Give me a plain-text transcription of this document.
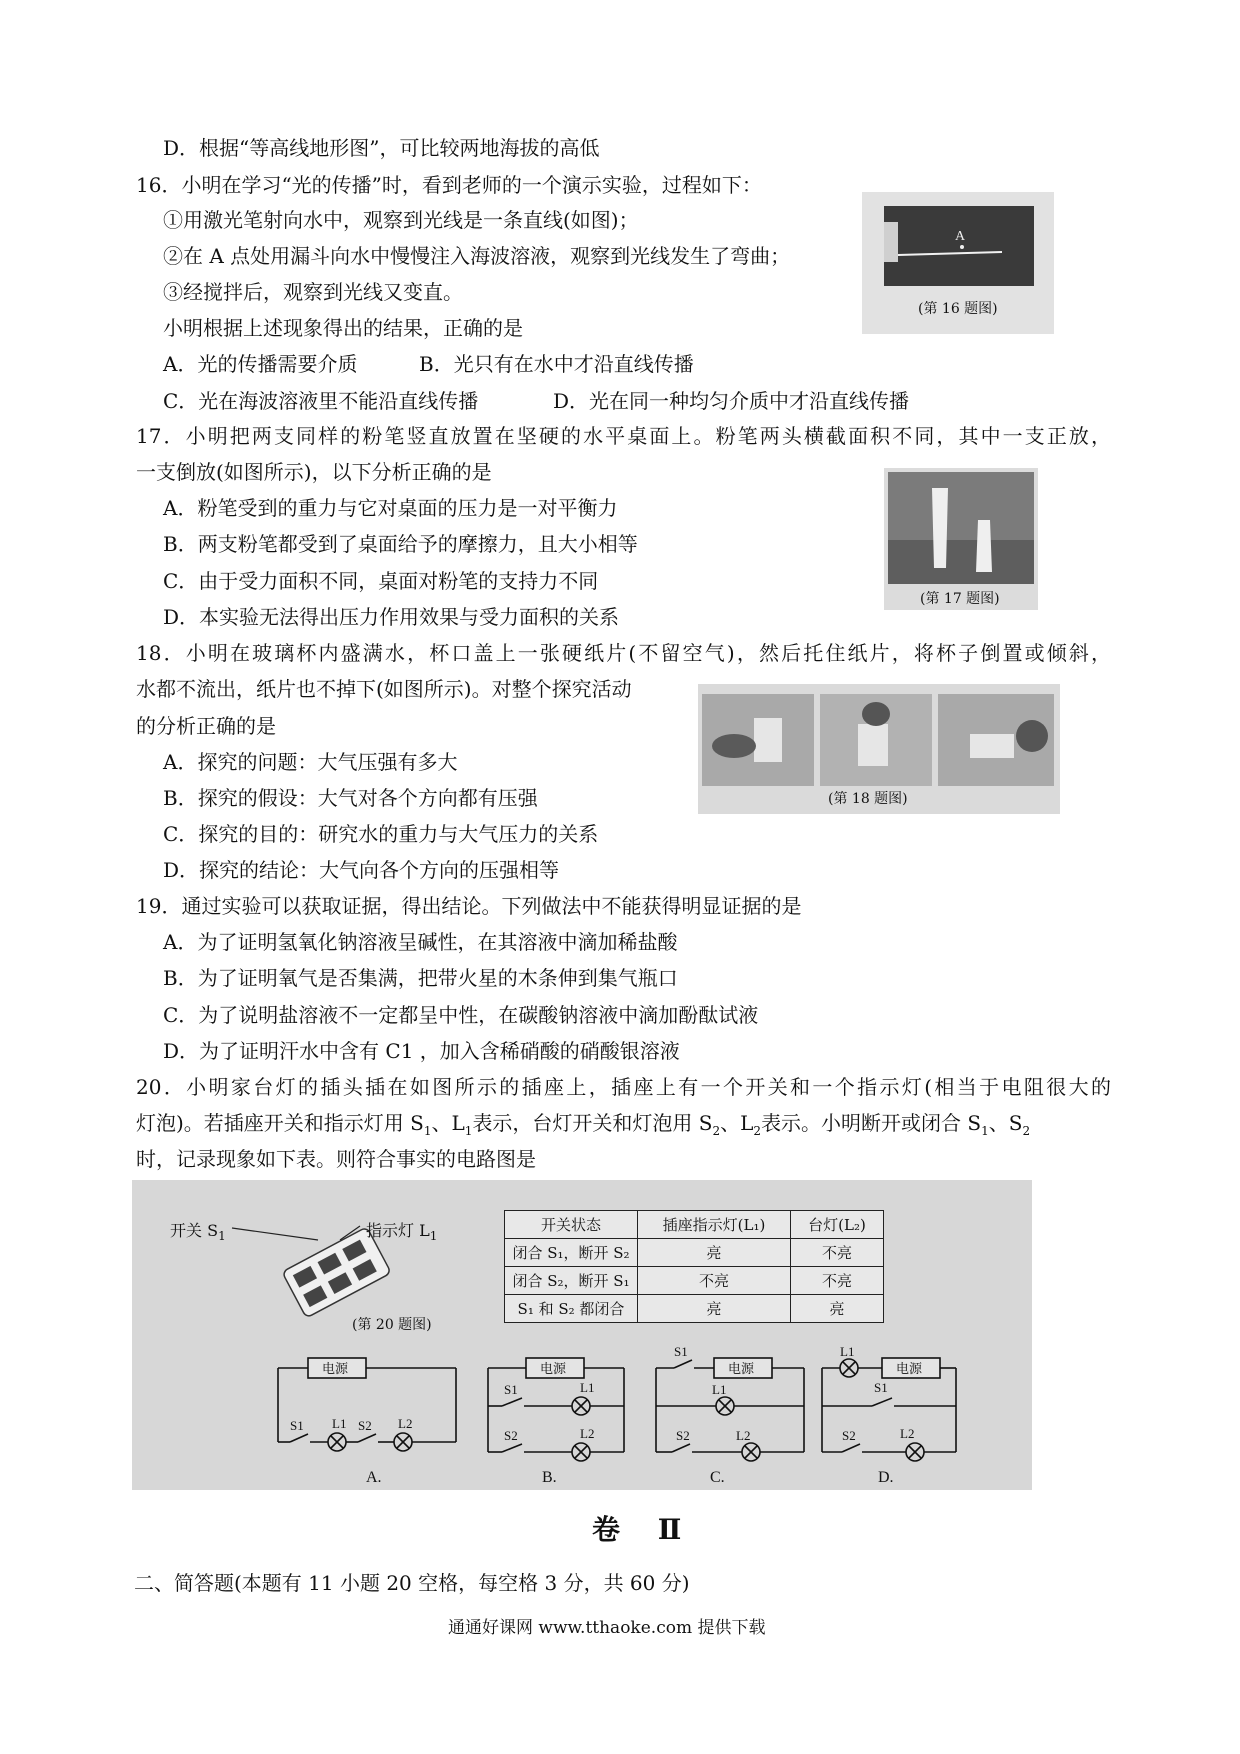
D．根据“等高线地形图”，可比较两地海拔的高低
16．小明在学习“光的传播”时，看到老师的一个演示实验，过程如下：
①用激光笔射向水中，观察到光线是一条直线(如图)；
②在 A 点处用漏斗向水中慢慢注入海波溶液，观察到光线发生了弯曲；
③经搅拌后，观察到光线又变直。
小明根据上述现象得出的结果，正确的是
A．光的传播需要介质	B．光只有在水中才沿直线传播
C．光在海波溶液里不能沿直线传播	D．光在同一种均匀介质中才沿直线传播
A
(第 16 题图)
17．小明把两支同样的粉笔竖直放置在坚硬的水平桌面上。粉笔两头横截面积不同，其中一支正放，
一支倒放(如图所示)，以下分析正确的是
A．粉笔受到的重力与它对桌面的压力是一对平衡力
B．两支粉笔都受到了桌面给予的摩擦力，且大小相等
C．由于受力面积不同，桌面对粉笔的支持力不同
D．本实验无法得出压力作用效果与受力面积的关系
(第 17 题图)
18．小明在玻璃杯内盛满水，杯口盖上一张硬纸片(不留空气)，然后托住纸片，将杯子倒置或倾斜，
水都不流出，纸片也不掉下(如图所示)。对整个探究活动
的分析正确的是
A．探究的问题：大气压强有多大
B．探究的假设：大气对各个方向都有压强
C．探究的目的：研究水的重力与大气压力的关系
D．探究的结论：大气向各个方向的压强相等
(第 18 题图)
19．通过实验可以获取证据，得出结论。下列做法中不能获得明显证据的是
A．为了证明氢氧化钠溶液呈碱性，在其溶液中滴加稀盐酸
B．为了证明氧气是否集满，把带火星的木条伸到集气瓶口
C．为了说明盐溶液不一定都呈中性，在碳酸钠溶液中滴加酚酞试液
D．为了证明汗水中含有 C1 ，加入含稀硝酸的硝酸银溶液
20．小明家台灯的插头插在如图所示的插座上，插座上有一个开关和一个指示灯(相当于电阻很大的
灯泡)。若插座开关和指示灯用 $S_1$、$L_1$表示，台灯开关和灯泡用 $S_2$、$L_2$表示。小明断开或闭合 $S_1$、$S_2$
时，记录现象如下表。则符合事实的电路图是
开关 $S_1$	指示灯 $L_1$
(第 20 题图)
开关状态	插座指示灯(L₁)	台灯(L₂)
闭合 S₁，断开 S₂	亮	不亮
闭合 S₂，断开 S₁	不亮	不亮
S₁ 和 S₂ 都闭合	亮	亮
电源	电源	电源	电源
S1 L1 S2 L2
S1	L1
S2	L2
S1
L1
S2	L2
L1
S1
S2	L2
A.	B.	C.	D.
卷 Ⅱ
二、简答题(本题有 11 小题 20 空格，每空格 3 分，共 60 分)
通通好课网 www.tthaoke.com 提供下载
